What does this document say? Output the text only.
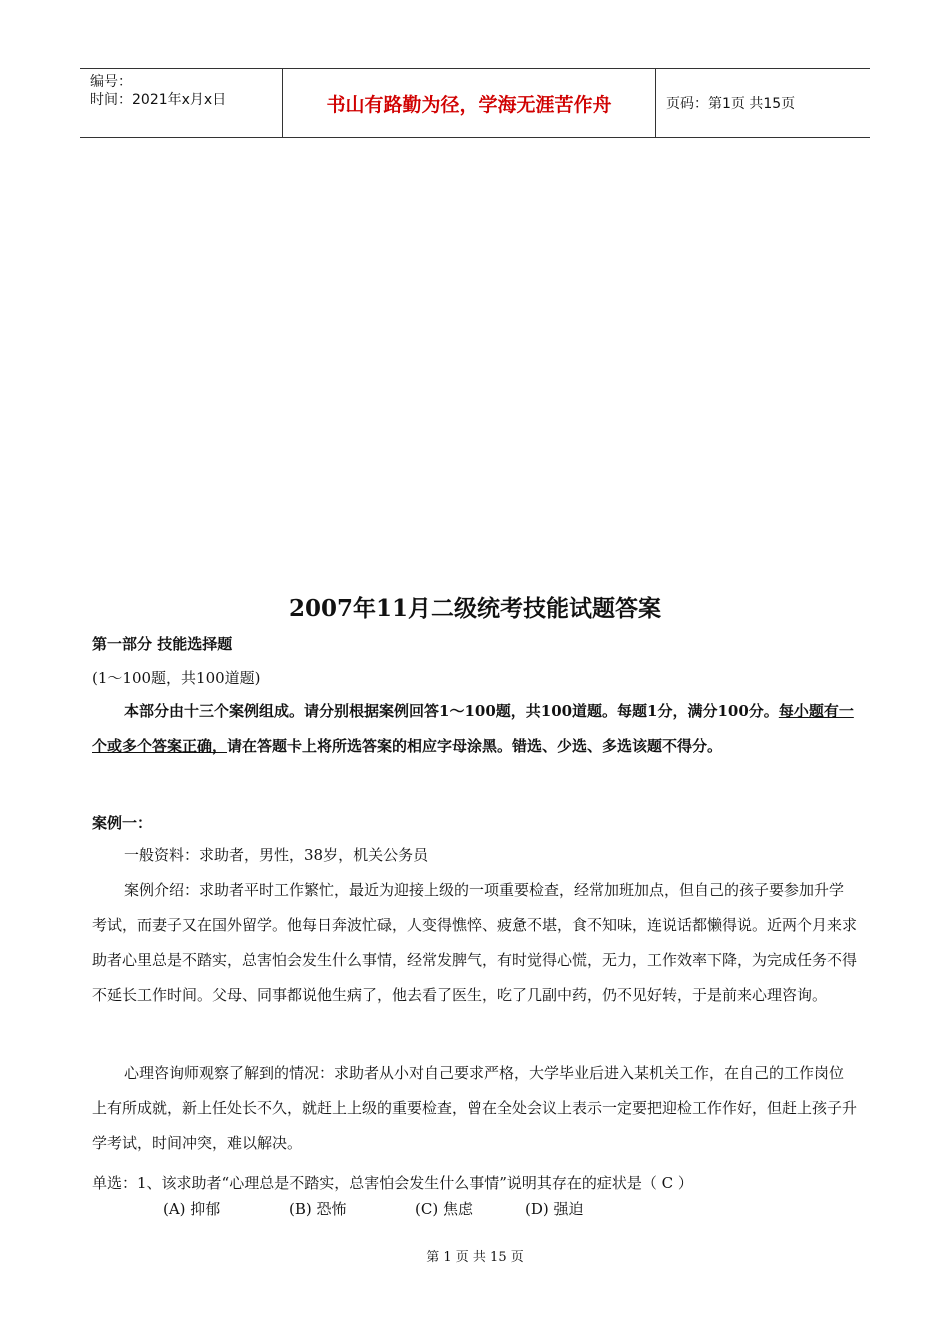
编号：
时间：2021年x月x日	书山有路勤为径，学海无涯苦作舟	页码：第1页 共15页
2007年11月二级统考技能试题答案
第一部分 技能选择题
(1～100题，共100道题)
本部分由十三个案例组成。请分别根据案例回答1～100题，共100道题。每题1分，满分100分。每小题有一个或多个答案正确，请在答题卡上将所选答案的相应字母涂黑。错选、少选、多选该题不得分。
案例一：
一般资料：求助者，男性，38岁，机关公务员
案例介绍：求助者平时工作繁忙，最近为迎接上级的一项重要检查，经常加班加点，但自己的孩子要参加升学考试，而妻子又在国外留学。他每日奔波忙碌，人变得憔悴、疲惫不堪，食不知味，连说话都懒得说。近两个月来求助者心里总是不踏实，总害怕会发生什么事情，经常发脾气，有时觉得心慌，无力，工作效率下降，为完成任务不得不延长工作时间。父母、同事都说他生病了，他去看了医生，吃了几副中药，仍不见好转，于是前来心理咨询。
心理咨询师观察了解到的情况：求助者从小对自己要求严格，大学毕业后进入某机关工作，在自己的工作岗位上有所成就，新上任处长不久，就赶上上级的重要检查，曾在全处会议上表示一定要把迎检工作作好，但赶上孩子升学考试，时间冲突，难以解决。
单选：1、该求助者“心理总是不踏实，总害怕会发生什么事情”说明其存在的症状是（ C ）
(A) 抑郁	(B) 恐怖	(C) 焦虑	(D) 强迫
第 1 页 共 15 页
